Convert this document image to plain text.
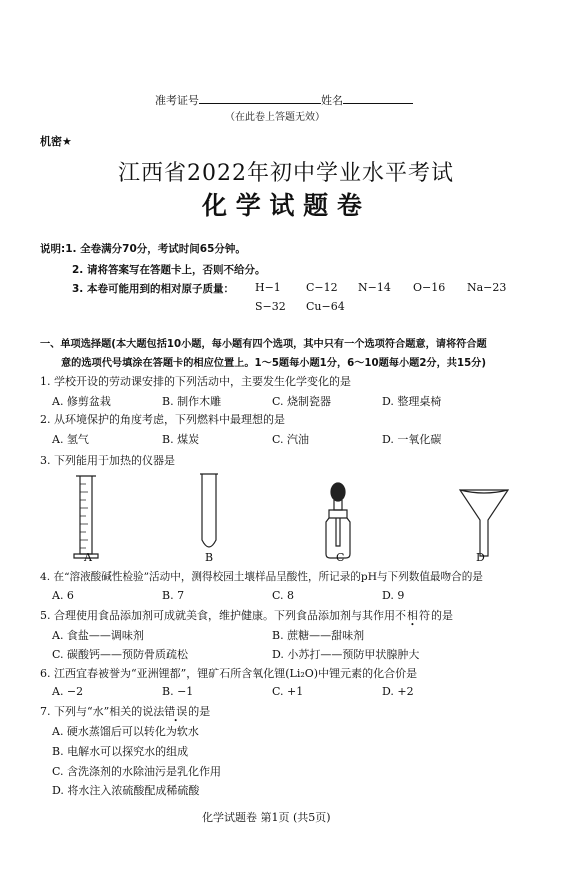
准考证号	姓名
（在此卷上答题无效）
机密★
江西省2022年初中学业水平考试
化 学 试 题 卷
说明:1. 全卷满分70分，考试时间65分钟。
2. 请将答案写在答题卡上，否则不给分。
3. 本卷可能用到的相对原子质量： H−1 C−12 N−14 O−16 Na−23
S−32 Cu−64
一、单项选择题(本大题包括10小题，每小题有四个选项，其中只有一个选项符合题意，请将符合题
意的选项代号填涂在答题卡的相应位置上。1～5题每小题1分，6～10题每小题2分，共15分)
1. 学校开设的劳动课安排的下列活动中，主要发生化学变化的是
A. 修剪盆栽	B. 制作木雕	C. 烧制瓷器	D. 整理桌椅
2. 从环境保护的角度考虑，下列燃料中最理想的是
A. 氢气	B. 煤炭	C. 汽油	D. 一氧化碳
3. 下列能用于加热的仪器是
A	B	C	D
4. 在“溶液酸碱性检验”活动中，测得校园土壤样品呈酸性，所记录的pH与下列数值最吻合的是
A. 6	B. 7	C. 8	D. 9
5. 合理使用食品添加剂可成就美食，维护健康。下列食品添加剂与其作用不相符的是
A. 食盐——调味剂	B. 蔗糖——甜味剂
C. 碳酸钙——预防骨质疏松	D. 小苏打——预防甲状腺肿大
6. 江西宜春被誉为“亚洲锂都”，锂矿石所含氧化锂(Li₂O)中锂元素的化合价是
A. −2	B. −1	C. +1	D. +2
7. 下列与“水”相关的说法错误的是
A. 硬水蒸馏后可以转化为软水
B. 电解水可以探究水的组成
C. 含洗涤剂的水除油污是乳化作用
D. 将水注入浓硫酸配成稀硫酸
化学试题卷 第1页 (共5页)
